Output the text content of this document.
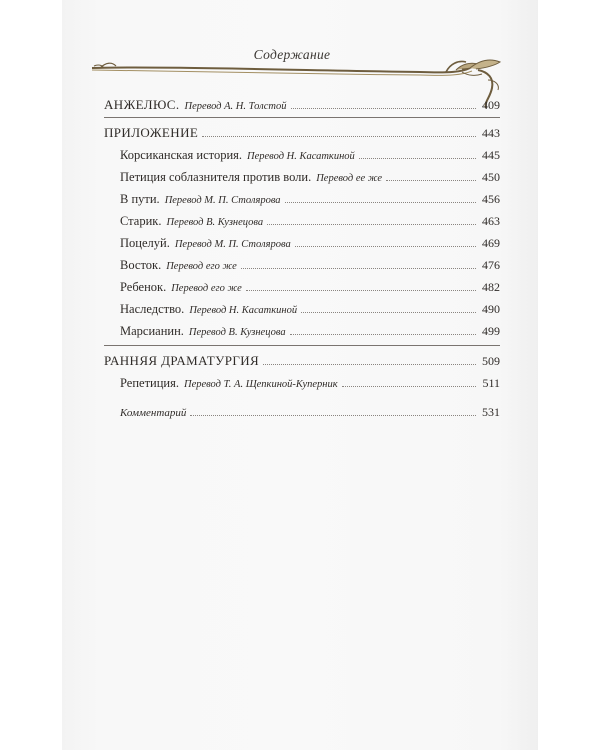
Содержание
АНЖЕЛЮС. Перевод А. Н. Толстой	409
ПРИЛОЖЕНИЕ	443
Корсиканская история. Перевод Н. Касаткиной	445
Петиция соблазнителя против воли. Перевод ее же	450
В пути. Перевод М. П. Столярова	456
Старик. Перевод В. Кузнецова	463
Поцелуй. Перевод М. П. Столярова	469
Восток. Перевод его же	476
Ребенок. Перевод его же	482
Наследство. Перевод Н. Касаткиной	490
Марсианин. Перевод В. Кузнецова	499
РАННЯЯ ДРАМАТУРГИЯ	509
Репетиция. Перевод Т. А. Щепкиной-Куперник	511
Комментарий	531
